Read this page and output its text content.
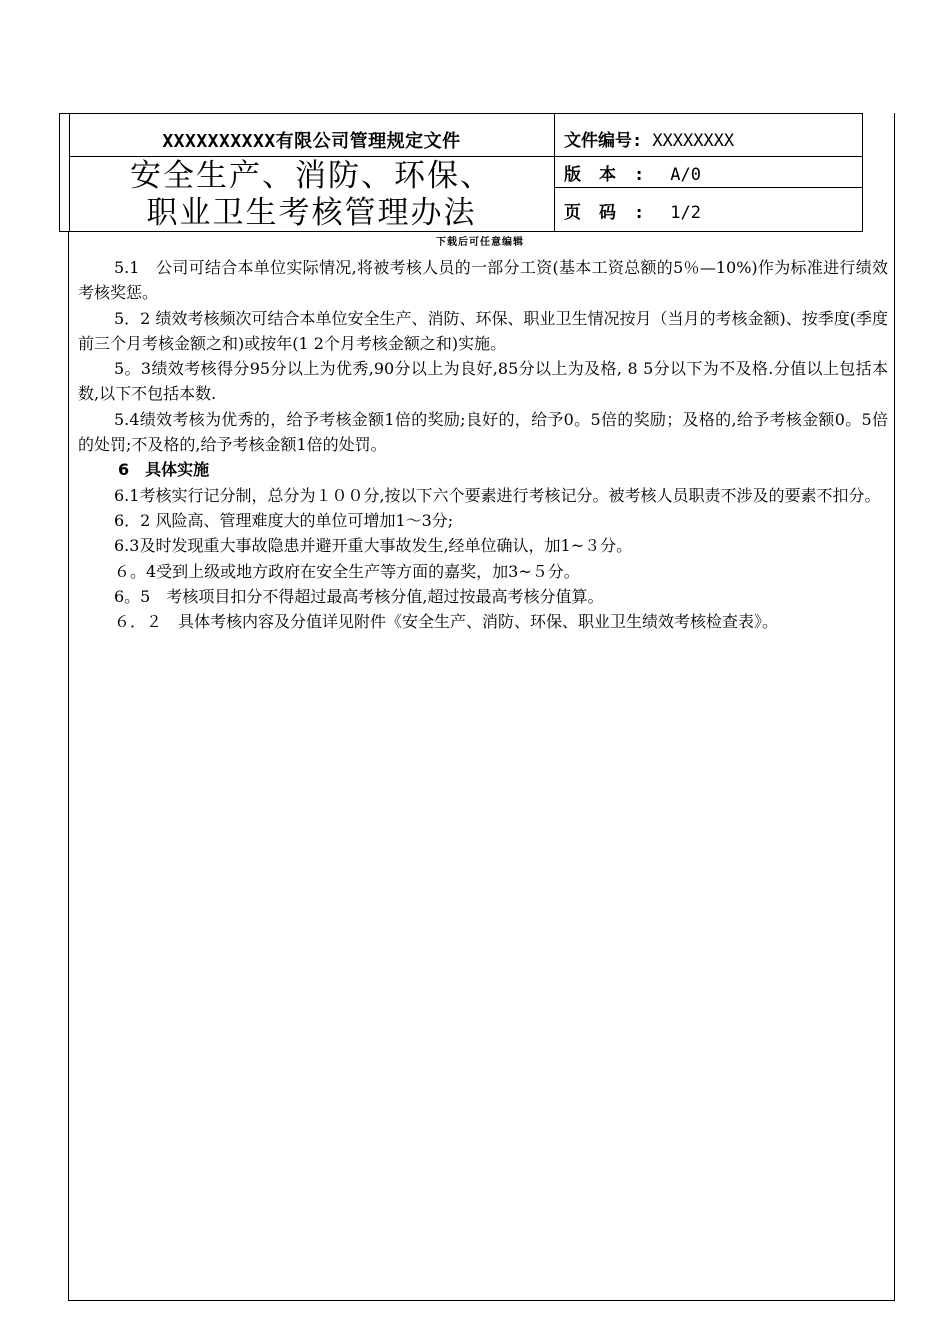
XXXXXXXXXX有限公司管理规定文件
安全生产、消防、环保、
职业卫生考核管理办法
文件编号: XXXXXXXX
版本: A/0
页码: 1/2
下载后可任意编辑

5.1　公司可结合本单位实际情况,将被考核人员的一部分工资(基本工资总额的5％—10%)作为标准进行绩效考核奖惩。

5．2 绩效考核频次可结合本单位安全生产、消防、环保、职业卫生情况按月（当月的考核金额)、按季度(季度前三个月考核金额之和)或按年(1 2个月考核金额之和)实施。

5。3绩效考核得分95分以上为优秀,90分以上为良好,85分以上为及格, 8 5分以下为不及格.分值以上包括本数,以下不包括本数.

5.4绩效考核为优秀的，给予考核金额1倍的奖励;良好的，给予0。5倍的奖励；及格的,给予考核金额0。5倍的处罚;不及格的,给予考核金额1倍的处罚。

6　具体实施

6.1考核实行记分制，总分为１００分,按以下六个要素进行考核记分。被考核人员职责不涉及的要素不扣分。

6．2 风险高、管理难度大的单位可增加1～3分;

6.3及时发现重大事故隐患并避开重大事故发生,经单位确认，加1~３分。

６。4受到上级或地方政府在安全生产等方面的嘉奖，加3~５分。

6。5　考核项目扣分不得超过最高考核分值,超过按最高考核分值算。

６．２　具体考核内容及分值详见附件《安全生产、消防、环保、职业卫生绩效考核检查表》。
